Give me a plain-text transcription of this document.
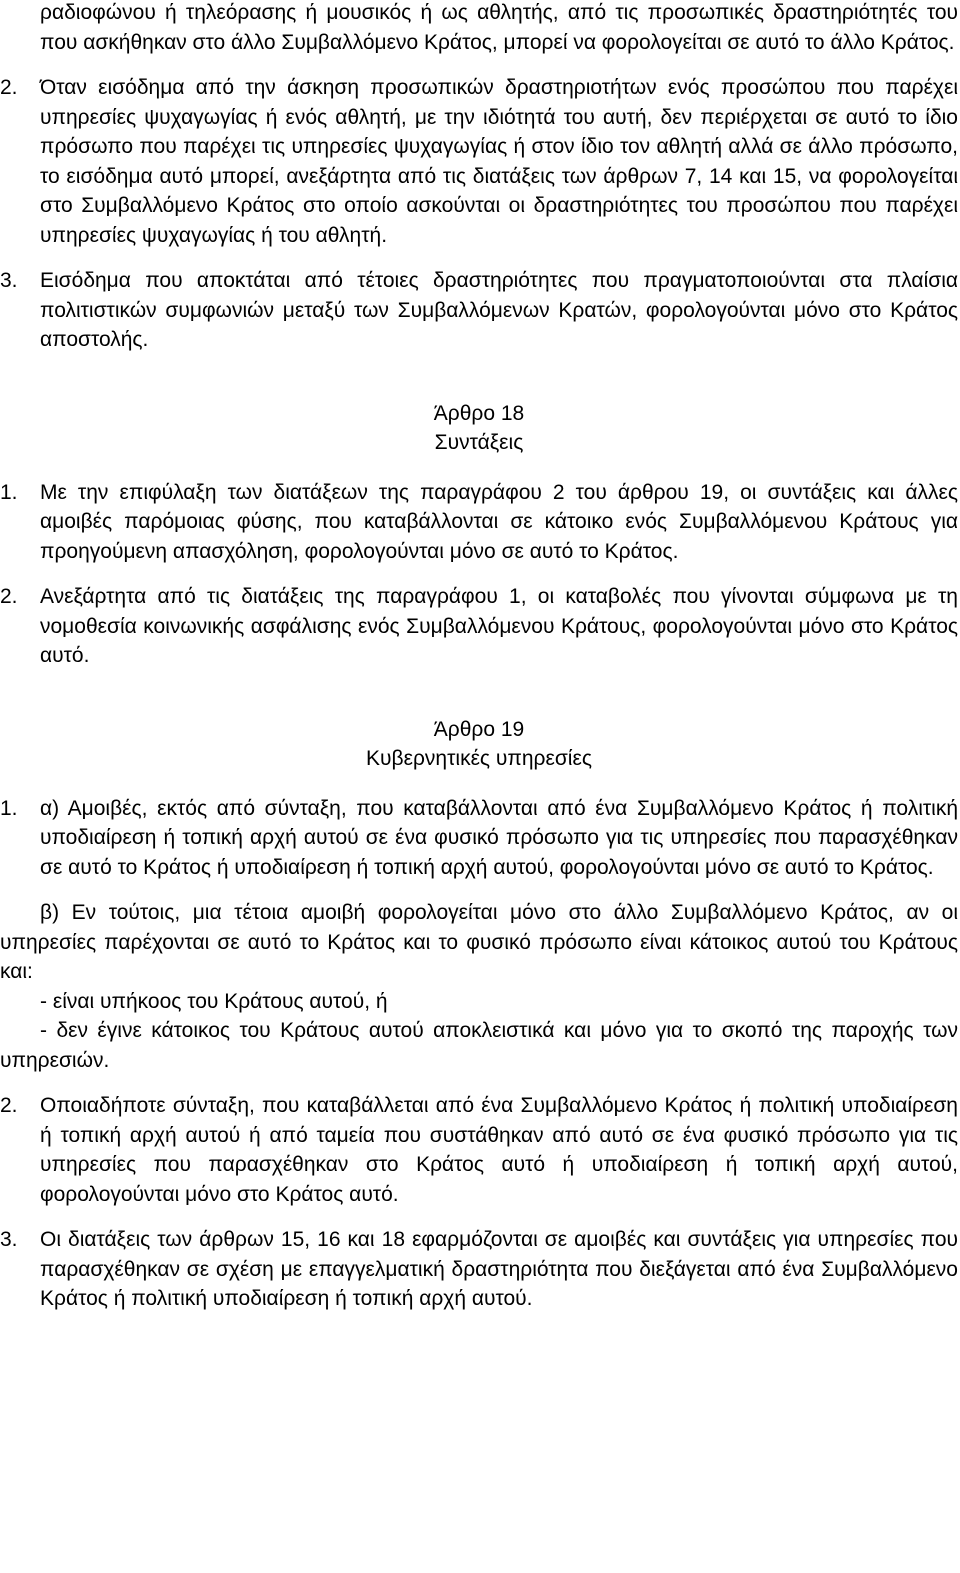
ραδιοφώνου ή τηλεόρασης ή μουσικός ή ως αθλητής, από τις προσωπικές δραστηριότητές του που ασκήθηκαν στο άλλο Συμβαλλόμενο Κράτος, μπορεί να φορολογείται σε αυτό το άλλο Κράτος.

2.	Όταν εισόδημα από την άσκηση προσωπικών δραστηριοτήτων ενός προσώπου που παρέχει υπηρεσίες ψυχαγωγίας ή ενός αθλητή, με την ιδιότητά του αυτή, δεν περιέρχεται σε αυτό το ίδιο πρόσωπο που παρέχει τις υπηρεσίες ψυχαγωγίας ή στον ίδιο τον αθλητή αλλά σε άλλο πρόσωπο, το εισόδημα αυτό μπορεί, ανεξάρτητα από τις διατάξεις των άρθρων 7, 14 και 15, να φορολογείται στο Συμβαλλόμενο Κράτος στο οποίο ασκούνται οι δραστηριότητες του προσώπου που παρέχει υπηρεσίες ψυχαγωγίας ή του αθλητή.

3.	Εισόδημα που αποκτάται από τέτοιες δραστηριότητες που πραγματοποιούνται στα πλαίσια πολιτιστικών συμφωνιών μεταξύ των Συμβαλλόμενων Κρατών, φορολογούνται μόνο στο Κράτος αποστολής.

Άρθρο 18

Συντάξεις

1.	Με την επιφύλαξη των διατάξεων της παραγράφου 2 του άρθρου 19, οι συντάξεις και άλλες αμοιβές παρόμοιας φύσης, που καταβάλλονται σε κάτοικο ενός Συμβαλλόμενου Κράτους για προηγούμενη απασχόληση, φορολογούνται μόνο σε αυτό το Κράτος.

2.	Ανεξάρτητα από τις διατάξεις της παραγράφου 1, οι καταβολές που γίνονται σύμφωνα με τη νομοθεσία κοινωνικής ασφάλισης ενός Συμβαλλόμενου Κράτους, φορολογούνται μόνο στο Κράτος αυτό.

Άρθρο 19

Κυβερνητικές υπηρεσίες

1.	α) Αμοιβές, εκτός από σύνταξη, που καταβάλλονται από ένα Συμβαλλόμενο Κράτος ή πολιτική υποδιαίρεση ή τοπική αρχή αυτού σε ένα φυσικό πρόσωπο για τις υπηρεσίες που παρασχέθηκαν σε αυτό το Κράτος ή υποδιαίρεση ή τοπική αρχή αυτού, φορολογούνται μόνο σε αυτό το Κράτος.

β) Εν τούτοις, μια τέτοια αμοιβή φορολογείται μόνο στο άλλο Συμβαλλόμενο Κράτος, αν οι υπηρεσίες παρέχονται σε αυτό το Κράτος και το φυσικό πρόσωπο είναι κάτοικος αυτού του Κράτους και:

- είναι υπήκοος του Κράτους αυτού, ή

- δεν έγινε κάτοικος του Κράτους αυτού αποκλειστικά και μόνο για το σκοπό της παροχής των υπηρεσιών.

2.	Οποιαδήποτε σύνταξη, που καταβάλλεται από ένα Συμβαλλόμενο Κράτος ή πολιτική υποδιαίρεση ή τοπική αρχή αυτού ή από ταμεία που συστάθηκαν από αυτό σε ένα φυσικό πρόσωπο για τις υπηρεσίες που παρασχέθηκαν στο Κράτος αυτό ή υποδιαίρεση ή τοπική αρχή αυτού, φορολογούνται μόνο στο Κράτος αυτό.

3.	Οι διατάξεις των άρθρων 15, 16 και 18 εφαρμόζονται σε αμοιβές και συντάξεις για υπηρεσίες που παρασχέθηκαν σε σχέση με επαγγελματική δραστηριότητα που διεξάγεται από ένα Συμβαλλόμενο Κράτος ή πολιτική υποδιαίρεση ή τοπική αρχή αυτού.
